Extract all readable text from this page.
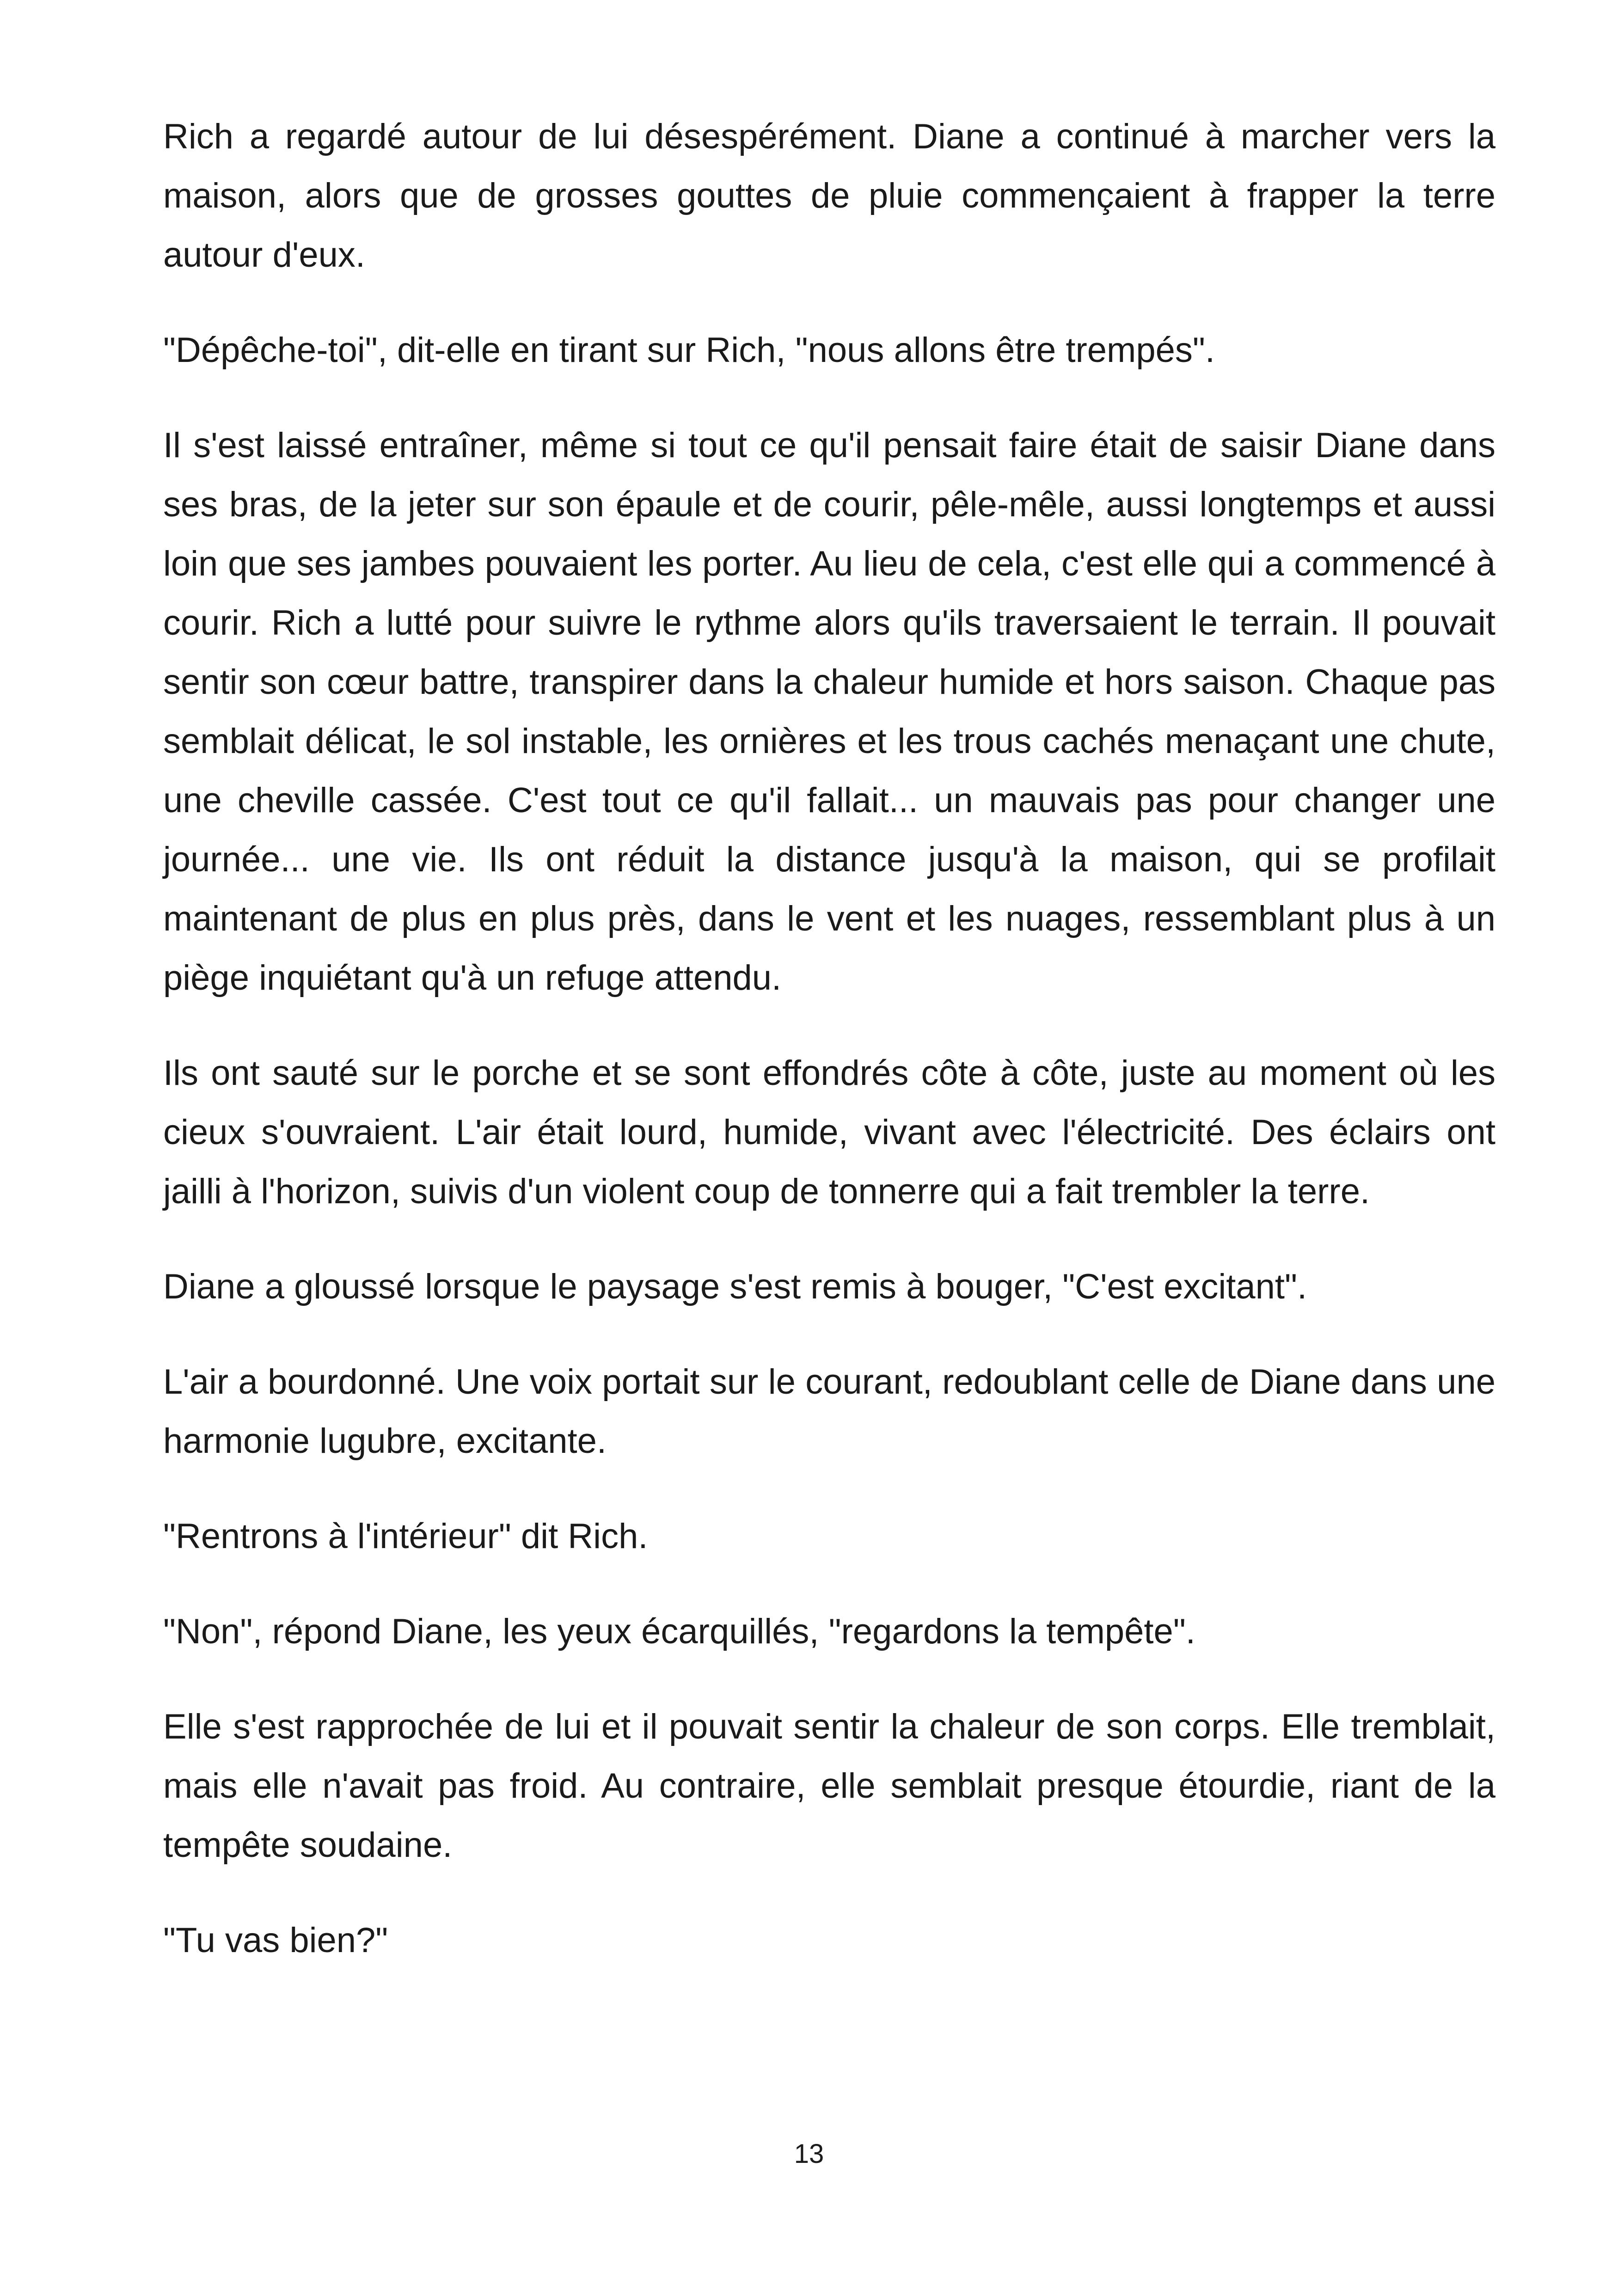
Rich a regardé autour de lui désespérément. Diane a continué à marcher vers la maison, alors que de grosses gouttes de pluie commençaient à frapper la terre autour d'eux.

"Dépêche-toi", dit-elle en tirant sur Rich, "nous allons être trempés".

Il s'est laissé entraîner, même si tout ce qu'il pensait faire était de saisir Diane dans ses bras, de la jeter sur son épaule et de courir, pêle-mêle, aussi longtemps et aussi loin que ses jambes pouvaient les porter. Au lieu de cela, c'est elle qui a commencé à courir. Rich a lutté pour suivre le rythme alors qu'ils traversaient le terrain. Il pouvait sentir son cœur battre, transpirer dans la chaleur humide et hors saison. Chaque pas semblait délicat, le sol instable, les ornières et les trous cachés menaçant une chute, une cheville cassée. C'est tout ce qu'il fallait... un mauvais pas pour changer une journée... une vie. Ils ont réduit la distance jusqu'à la maison, qui se profilait maintenant de plus en plus près, dans le vent et les nuages, ressemblant plus à un piège inquiétant qu'à un refuge attendu.

Ils ont sauté sur le porche et se sont effondrés côte à côte, juste au moment où les cieux s'ouvraient. L'air était lourd, humide, vivant avec l'électricité. Des éclairs ont jailli à l'horizon, suivis d'un violent coup de tonnerre qui a fait trembler la terre.

Diane a gloussé lorsque le paysage s'est remis à bouger, "C'est excitant".

L'air a bourdonné. Une voix portait sur le courant, redoublant celle de Diane dans une harmonie lugubre, excitante.

"Rentrons à l'intérieur" dit Rich.

"Non", répond Diane, les yeux écarquillés, "regardons la tempête".

Elle s'est rapprochée de lui et il pouvait sentir la chaleur de son corps. Elle tremblait, mais elle n'avait pas froid. Au contraire, elle semblait presque étourdie, riant de la tempête soudaine.

"Tu vas bien?"

13
